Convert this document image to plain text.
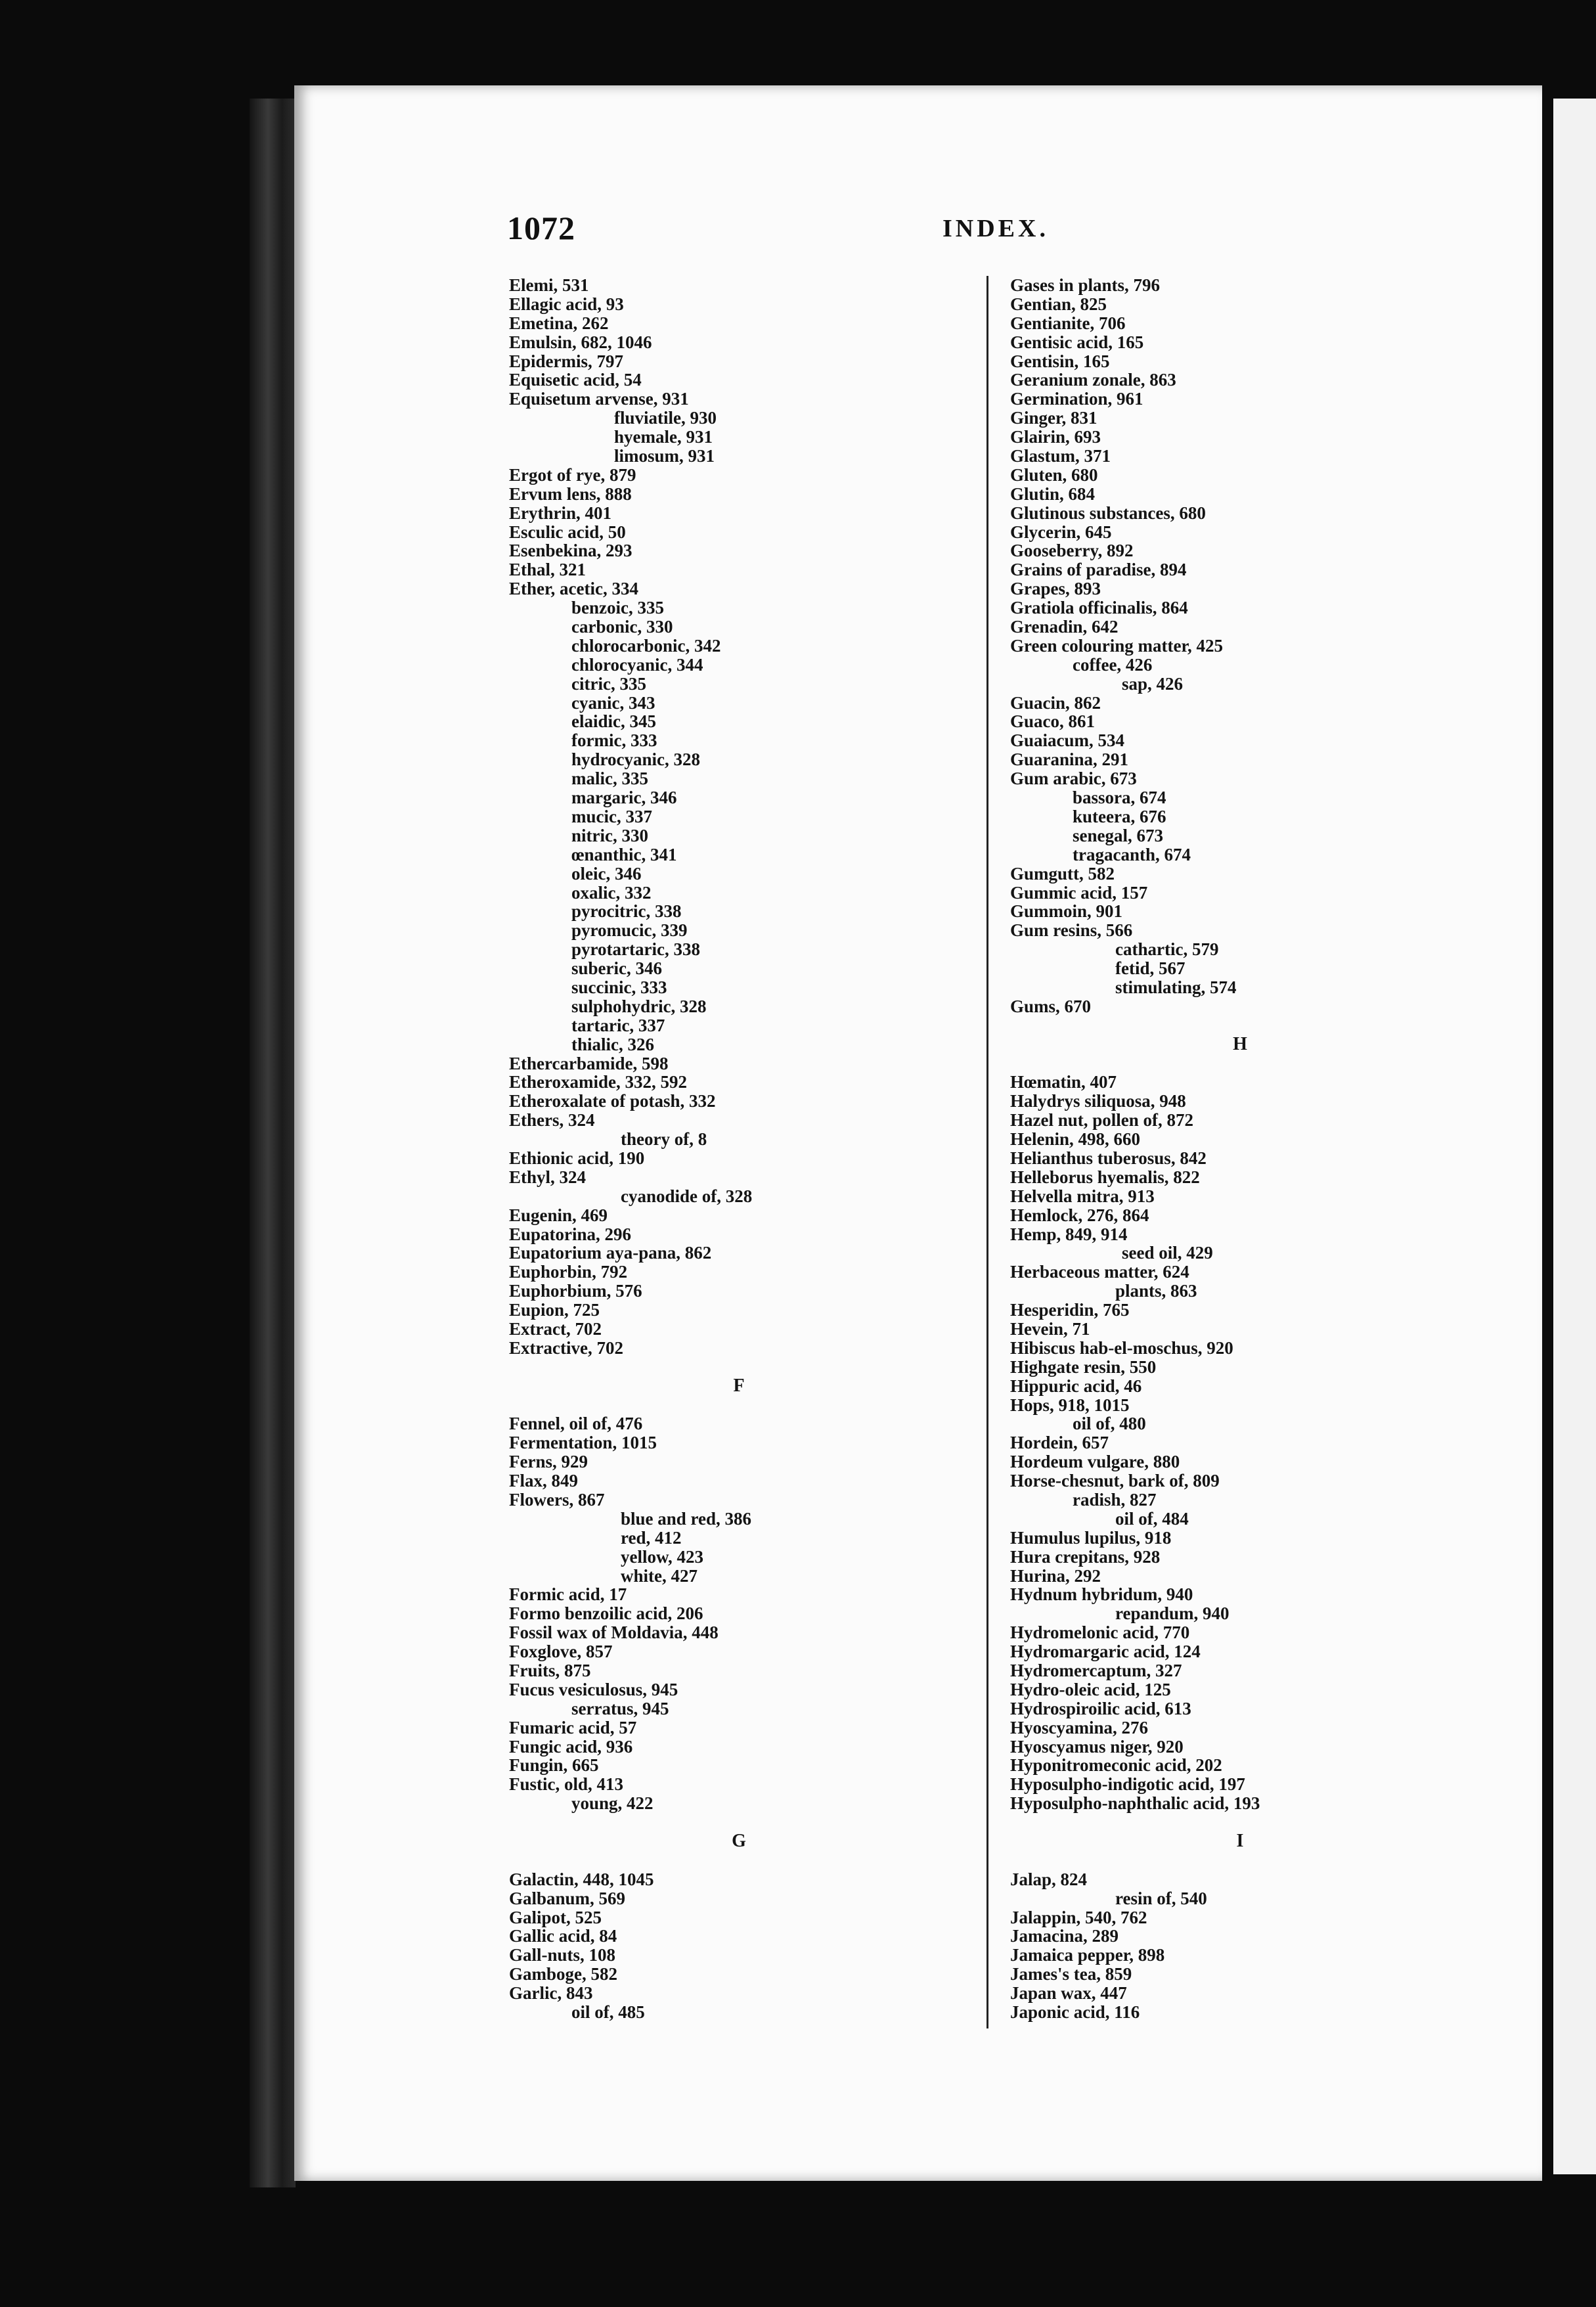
1072	INDEX.
Elemi, 531
Ellagic acid, 93
Emetina, 262
Emulsin, 682, 1046
Epidermis, 797
Equisetic acid, 54
Equisetum arvense, 931
fluviatile, 930
hyemale, 931
limosum, 931
Ergot of rye, 879
Ervum lens, 888
Erythrin, 401
Esculic acid, 50
Esenbekina, 293
Ethal, 321
Ether, acetic, 334
benzoic, 335
carbonic, 330
chlorocarbonic, 342
chlorocyanic, 344
citric, 335
cyanic, 343
elaidic, 345
formic, 333
hydrocyanic, 328
malic, 335
margaric, 346
mucic, 337
nitric, 330
œnanthic, 341
oleic, 346
oxalic, 332
pyrocitric, 338
pyromucic, 339
pyrotartaric, 338
suberic, 346
succinic, 333
sulphohydric, 328
tartaric, 337
thialic, 326
Ethercarbamide, 598
Etheroxamide, 332, 592
Etheroxalate of potash, 332
Ethers, 324
theory of, 8
Ethionic acid, 190
Ethyl, 324
cyanodide of, 328
Eugenin, 469
Eupatorina, 296
Eupatorium aya-pana, 862
Euphorbin, 792
Euphorbium, 576
Eupion, 725
Extract, 702
Extractive, 702
F
Fennel, oil of, 476
Fermentation, 1015
Ferns, 929
Flax, 849
Flowers, 867
blue and red, 386
red, 412
yellow, 423
white, 427
Formic acid, 17
Formo benzoilic acid, 206
Fossil wax of Moldavia, 448
Foxglove, 857
Fruits, 875
Fucus vesiculosus, 945
serratus, 945
Fumaric acid, 57
Fungic acid, 936
Fungin, 665
Fustic, old, 413
young, 422
G
Galactin, 448, 1045
Galbanum, 569
Galipot, 525
Gallic acid, 84
Gall-nuts, 108
Gamboge, 582
Garlic, 843
oil of, 485
Gases in plants, 796
Gentian, 825
Gentianite, 706
Gentisic acid, 165
Gentisin, 165
Geranium zonale, 863
Germination, 961
Ginger, 831
Glairin, 693
Glastum, 371
Gluten, 680
Glutin, 684
Glutinous substances, 680
Glycerin, 645
Gooseberry, 892
Grains of paradise, 894
Grapes, 893
Gratiola officinalis, 864
Grenadin, 642
Green colouring matter, 425
coffee, 426
sap, 426
Guacin, 862
Guaco, 861
Guaiacum, 534
Guaranina, 291
Gum arabic, 673
bassora, 674
kuteera, 676
senegal, 673
tragacanth, 674
Gumgutt, 582
Gummic acid, 157
Gummoin, 901
Gum resins, 566
cathartic, 579
fetid, 567
stimulating, 574
Gums, 670
H
Hœmatin, 407
Halydrys siliquosa, 948
Hazel nut, pollen of, 872
Helenin, 498, 660
Helianthus tuberosus, 842
Helleborus hyemalis, 822
Helvella mitra, 913
Hemlock, 276, 864
Hemp, 849, 914
seed oil, 429
Herbaceous matter, 624
plants, 863
Hesperidin, 765
Hevein, 71
Hibiscus hab-el-moschus, 920
Highgate resin, 550
Hippuric acid, 46
Hops, 918, 1015
oil of, 480
Hordein, 657
Hordeum vulgare, 880
Horse-chesnut, bark of, 809
radish, 827
oil of, 484
Humulus lupilus, 918
Hura crepitans, 928
Hurina, 292
Hydnum hybridum, 940
repandum, 940
Hydromelonic acid, 770
Hydromargaric acid, 124
Hydromercaptum, 327
Hydro-oleic acid, 125
Hydrospiroilic acid, 613
Hyoscyamina, 276
Hyoscyamus niger, 920
Hyponitromeconic acid, 202
Hyposulpho-indigotic acid, 197
Hyposulpho-naphthalic acid, 193
I
Jalap, 824
resin of, 540
Jalappin, 540, 762
Jamacina, 289
Jamaica pepper, 898
James's tea, 859
Japan wax, 447
Japonic acid, 116
